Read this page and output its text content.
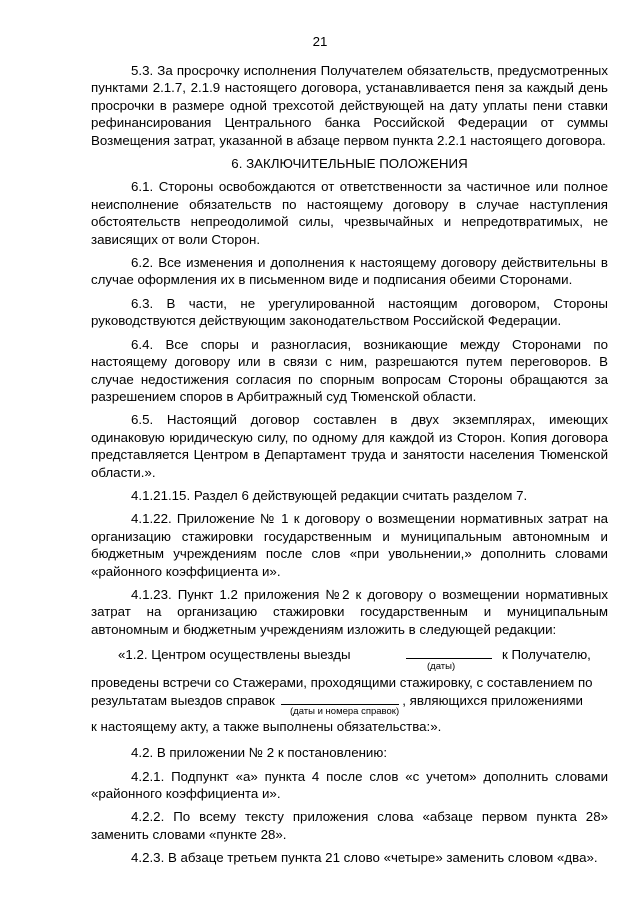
21

5.3. За просрочку исполнения Получателем обязательств, предусмотренных пунктами 2.1.7, 2.1.9 настоящего договора, устанавливается пеня за каждый день просрочки в размере одной трехсотой действующей на дату уплаты пени ставки рефинансирования Центрального банка Российской Федерации от суммы Возмещения затрат, указанной в абзаце первом пункта 2.2.1 настоящего договора.

6. ЗАКЛЮЧИТЕЛЬНЫЕ ПОЛОЖЕНИЯ

6.1. Стороны освобождаются от ответственности за частичное или полное неисполнение обязательств по настоящему договору в случае наступления обстоятельств непреодолимой силы, чрезвычайных и непредотвратимых, не зависящих от воли Сторон.

6.2. Все изменения и дополнения к настоящему договору действительны в случае оформления их в письменном виде и подписания обеими Сторонами.

6.3. В части, не урегулированной настоящим договором, Стороны руководствуются действующим законодательством Российской Федерации.

6.4. Все споры и разногласия, возникающие между Сторонами по настоящему договору или в связи с ним, разрешаются путем переговоров. В случае недостижения согласия по спорным вопросам Стороны обращаются за разрешением споров в Арбитражный суд Тюменской области.

6.5. Настоящий договор составлен в двух экземплярах, имеющих одинаковую юридическую силу, по одному для каждой из Сторон. Копия договора представляется Центром в Департамент труда и занятости населения Тюменской области.».

4.1.21.15. Раздел 6 действующей редакции считать разделом 7.

4.1.22. Приложение № 1 к договору о возмещении нормативных затрат на организацию стажировки государственным и муниципальным автономным и бюджетным учреждениям после слов «при увольнении,» дополнить словами «районного коэффициента и».

4.1.23. Пункт 1.2 приложения №2 к договору о возмещении нормативных затрат на организацию стажировки государственным и муниципальным автономным и бюджетным учреждениям изложить в следующей редакции:

«1.2. Центром осуществлены выезды	к Получателю,
(даты)
проведены встречи со Стажерами, проходящими стажировку, с составлением по
результатам выездов справок	, являющихся приложениями
(даты и номера справок)
к настоящему акту, а также выполнены обязательства:».

4.2. В приложении № 2 к постановлению:

4.2.1. Подпункт «а» пункта 4 после слов «с учетом» дополнить словами «районного коэффициента и».

4.2.2. По всему тексту приложения слова «абзаце первом пункта 28» заменить словами «пункте 28».

4.2.3. В абзаце третьем пункта 21 слово «четыре» заменить словом «два».
